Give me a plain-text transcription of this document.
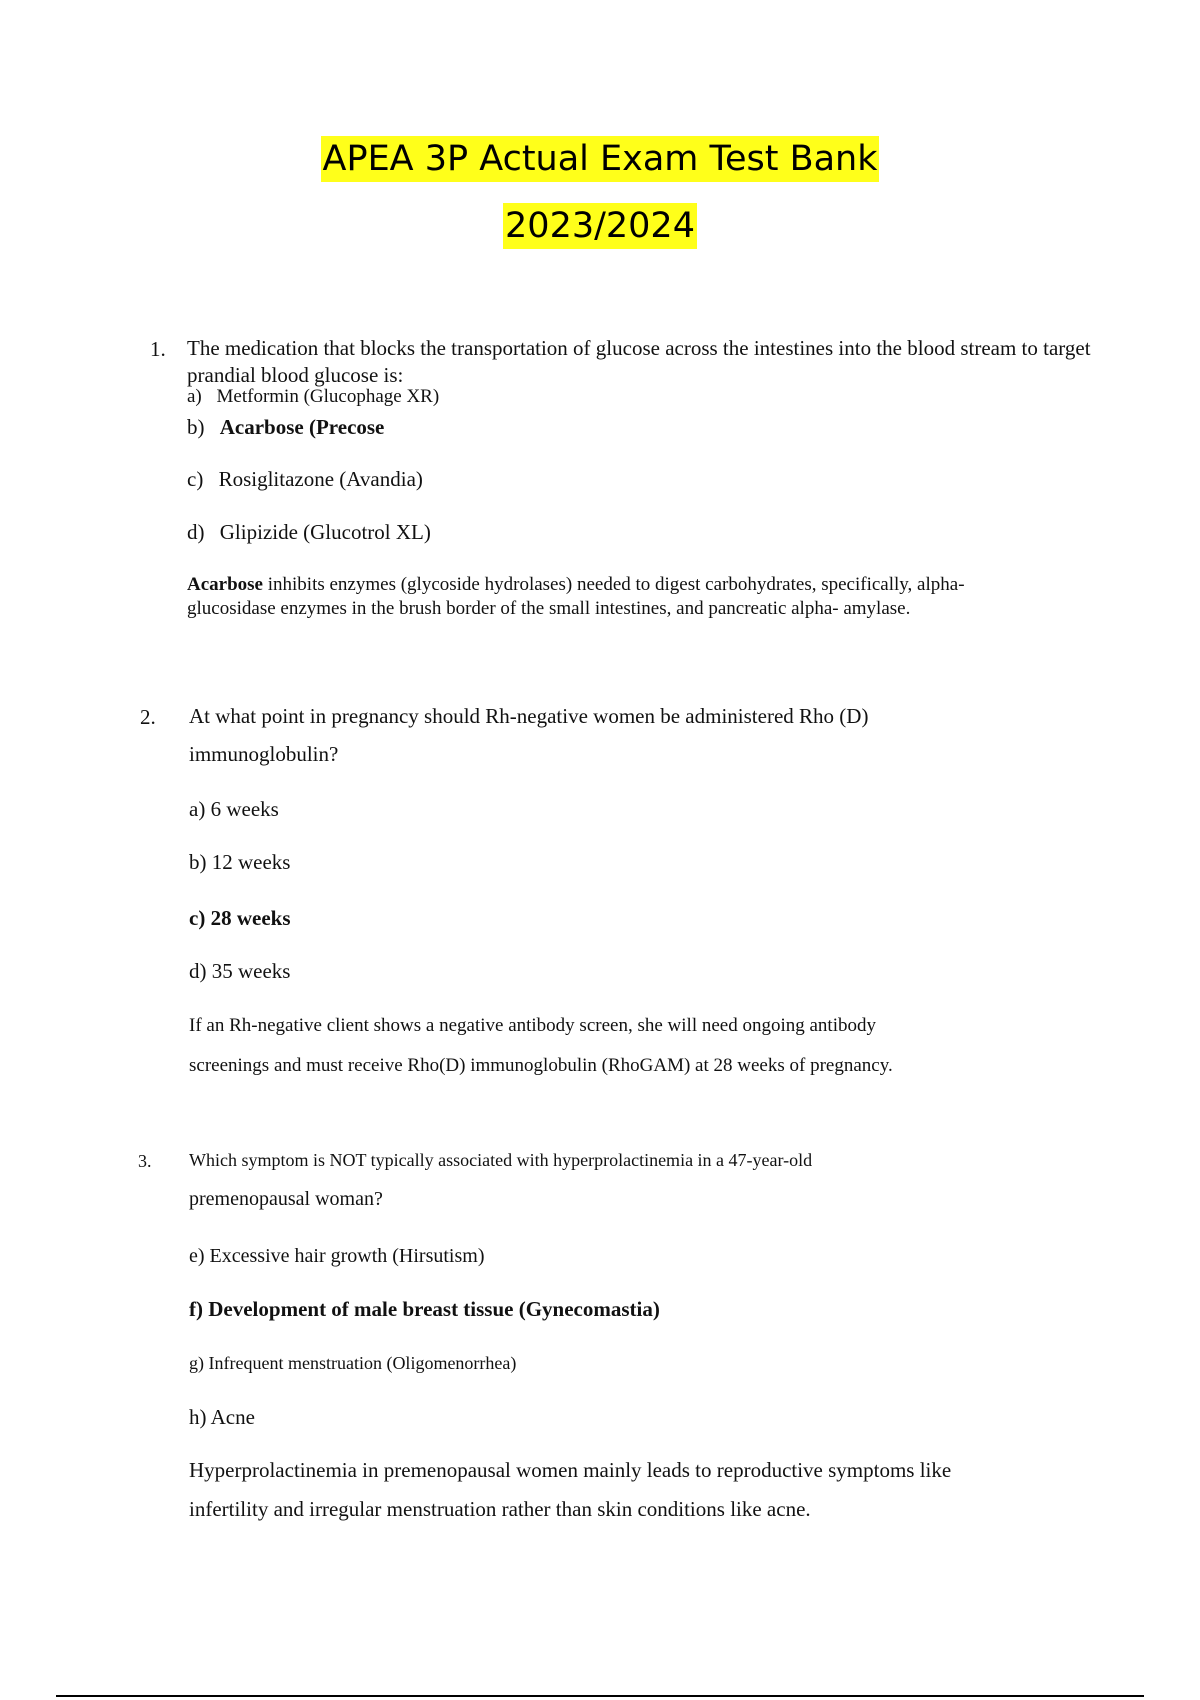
APEA 3P Actual Exam Test Bank
2023/2024
1. The medication that blocks the transportation of glucose across the intestines into the blood stream to target prandial blood glucose is:
a) Metformin (Glucophage XR)
b) Acarbose (Precose
c) Rosiglitazone (Avandia)
d) Glipizide (Glucotrol XL)
Acarbose inhibits enzymes (glycoside hydrolases) needed to digest carbohydrates, specifically, alpha-glucosidase enzymes in the brush border of the small intestines, and pancreatic alpha- amylase.
2. At what point in pregnancy should Rh-negative women be administered Rho (D)
immunoglobulin?
a) 6 weeks
b) 12 weeks
c) 28 weeks
d) 35 weeks
If an Rh-negative client shows a negative antibody screen, she will need ongoing antibody
screenings and must receive Rho(D) immunoglobulin (RhoGAM) at 28 weeks of pregnancy.
3. Which symptom is NOT typically associated with hyperprolactinemia in a 47-year-old
premenopausal woman?
e) Excessive hair growth (Hirsutism)
f) Development of male breast tissue (Gynecomastia)
g) Infrequent menstruation (Oligomenorrhea)
h) Acne
Hyperprolactinemia in premenopausal women mainly leads to reproductive symptoms like
infertility and irregular menstruation rather than skin conditions like acne.
